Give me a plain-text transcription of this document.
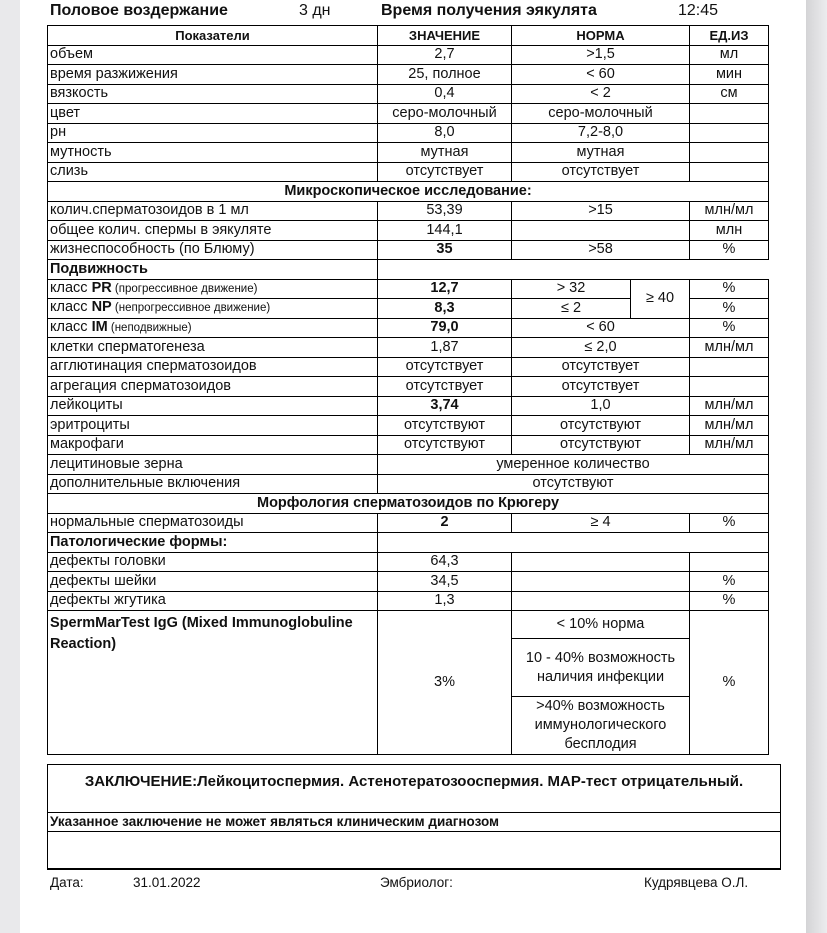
Половое воздержание	3 дн	Время получения эякулята	12:45
Показатели	ЗНАЧЕНИЕ	НОРМА		ЕД.ИЗ
объем	2,7	>1,5		мл
время разжижения	25, полное	< 60		мин
вязкость	0,4	< 2		см
цвет	серо-молочный	серо-молочный		
рн	8,0	7,2-8,0		
мутность	мутная	мутная		
слизь	отсутствует	отсутствует		
Микроскопическое исследование:				
колич.сперматозоидов в 1 мл	53,39	>15		млн/мл
общее колич. спермы в эякуляте	144,1			млн
жизнеспособность (по Блюму)	35	>58		%
Подвижность				
класс PR (прогрессивное движение)	12,7	> 32	≥ 40	%
класс NP (непрогрессивное движение)	8,3	≤ 2		%
класс IM (неподвижные)	79,0	< 60		%
клетки сперматогенеза	1,87	≤ 2,0		млн/мл
агглютинация сперматозоидов	отсутствует	отсутствует		
агрегация сперматозоидов	отсутствует	отсутствует		
лейкоциты	3,74	1,0		млн/мл
эритроциты	отсутствуют	отсутствуют		млн/мл
макрофаги	отсутствуют	отсутствуют		млн/мл
лецитиновые зерна	умеренное количество			
дополнительные включения	отсутствуют			
Морфология сперматозоидов по Крюгеру				
нормальные сперматозоиды	2	≥ 4		%
Патологические формы:				
дефекты головки	64,3			
дефекты шейки	34,5			%
дефекты жгутика	1,3			%
SpermMarTest IgG (Mixed Immunoglobuline Reaction)	3%	< 10% норма		%
		10 - 40% возможность наличия инфекции		
		>40% возможность иммунологического бесплодия		
ЗАКЛЮЧЕНИЕ:Лейкоцитоспермия. Астенотератозооспермия. МАР-тест отрицательный.
Указанное заключение не может являться клиническим диагнозом
Дата:	31.01.2022	Эмбриолог:	Кудрявцева О.Л.
